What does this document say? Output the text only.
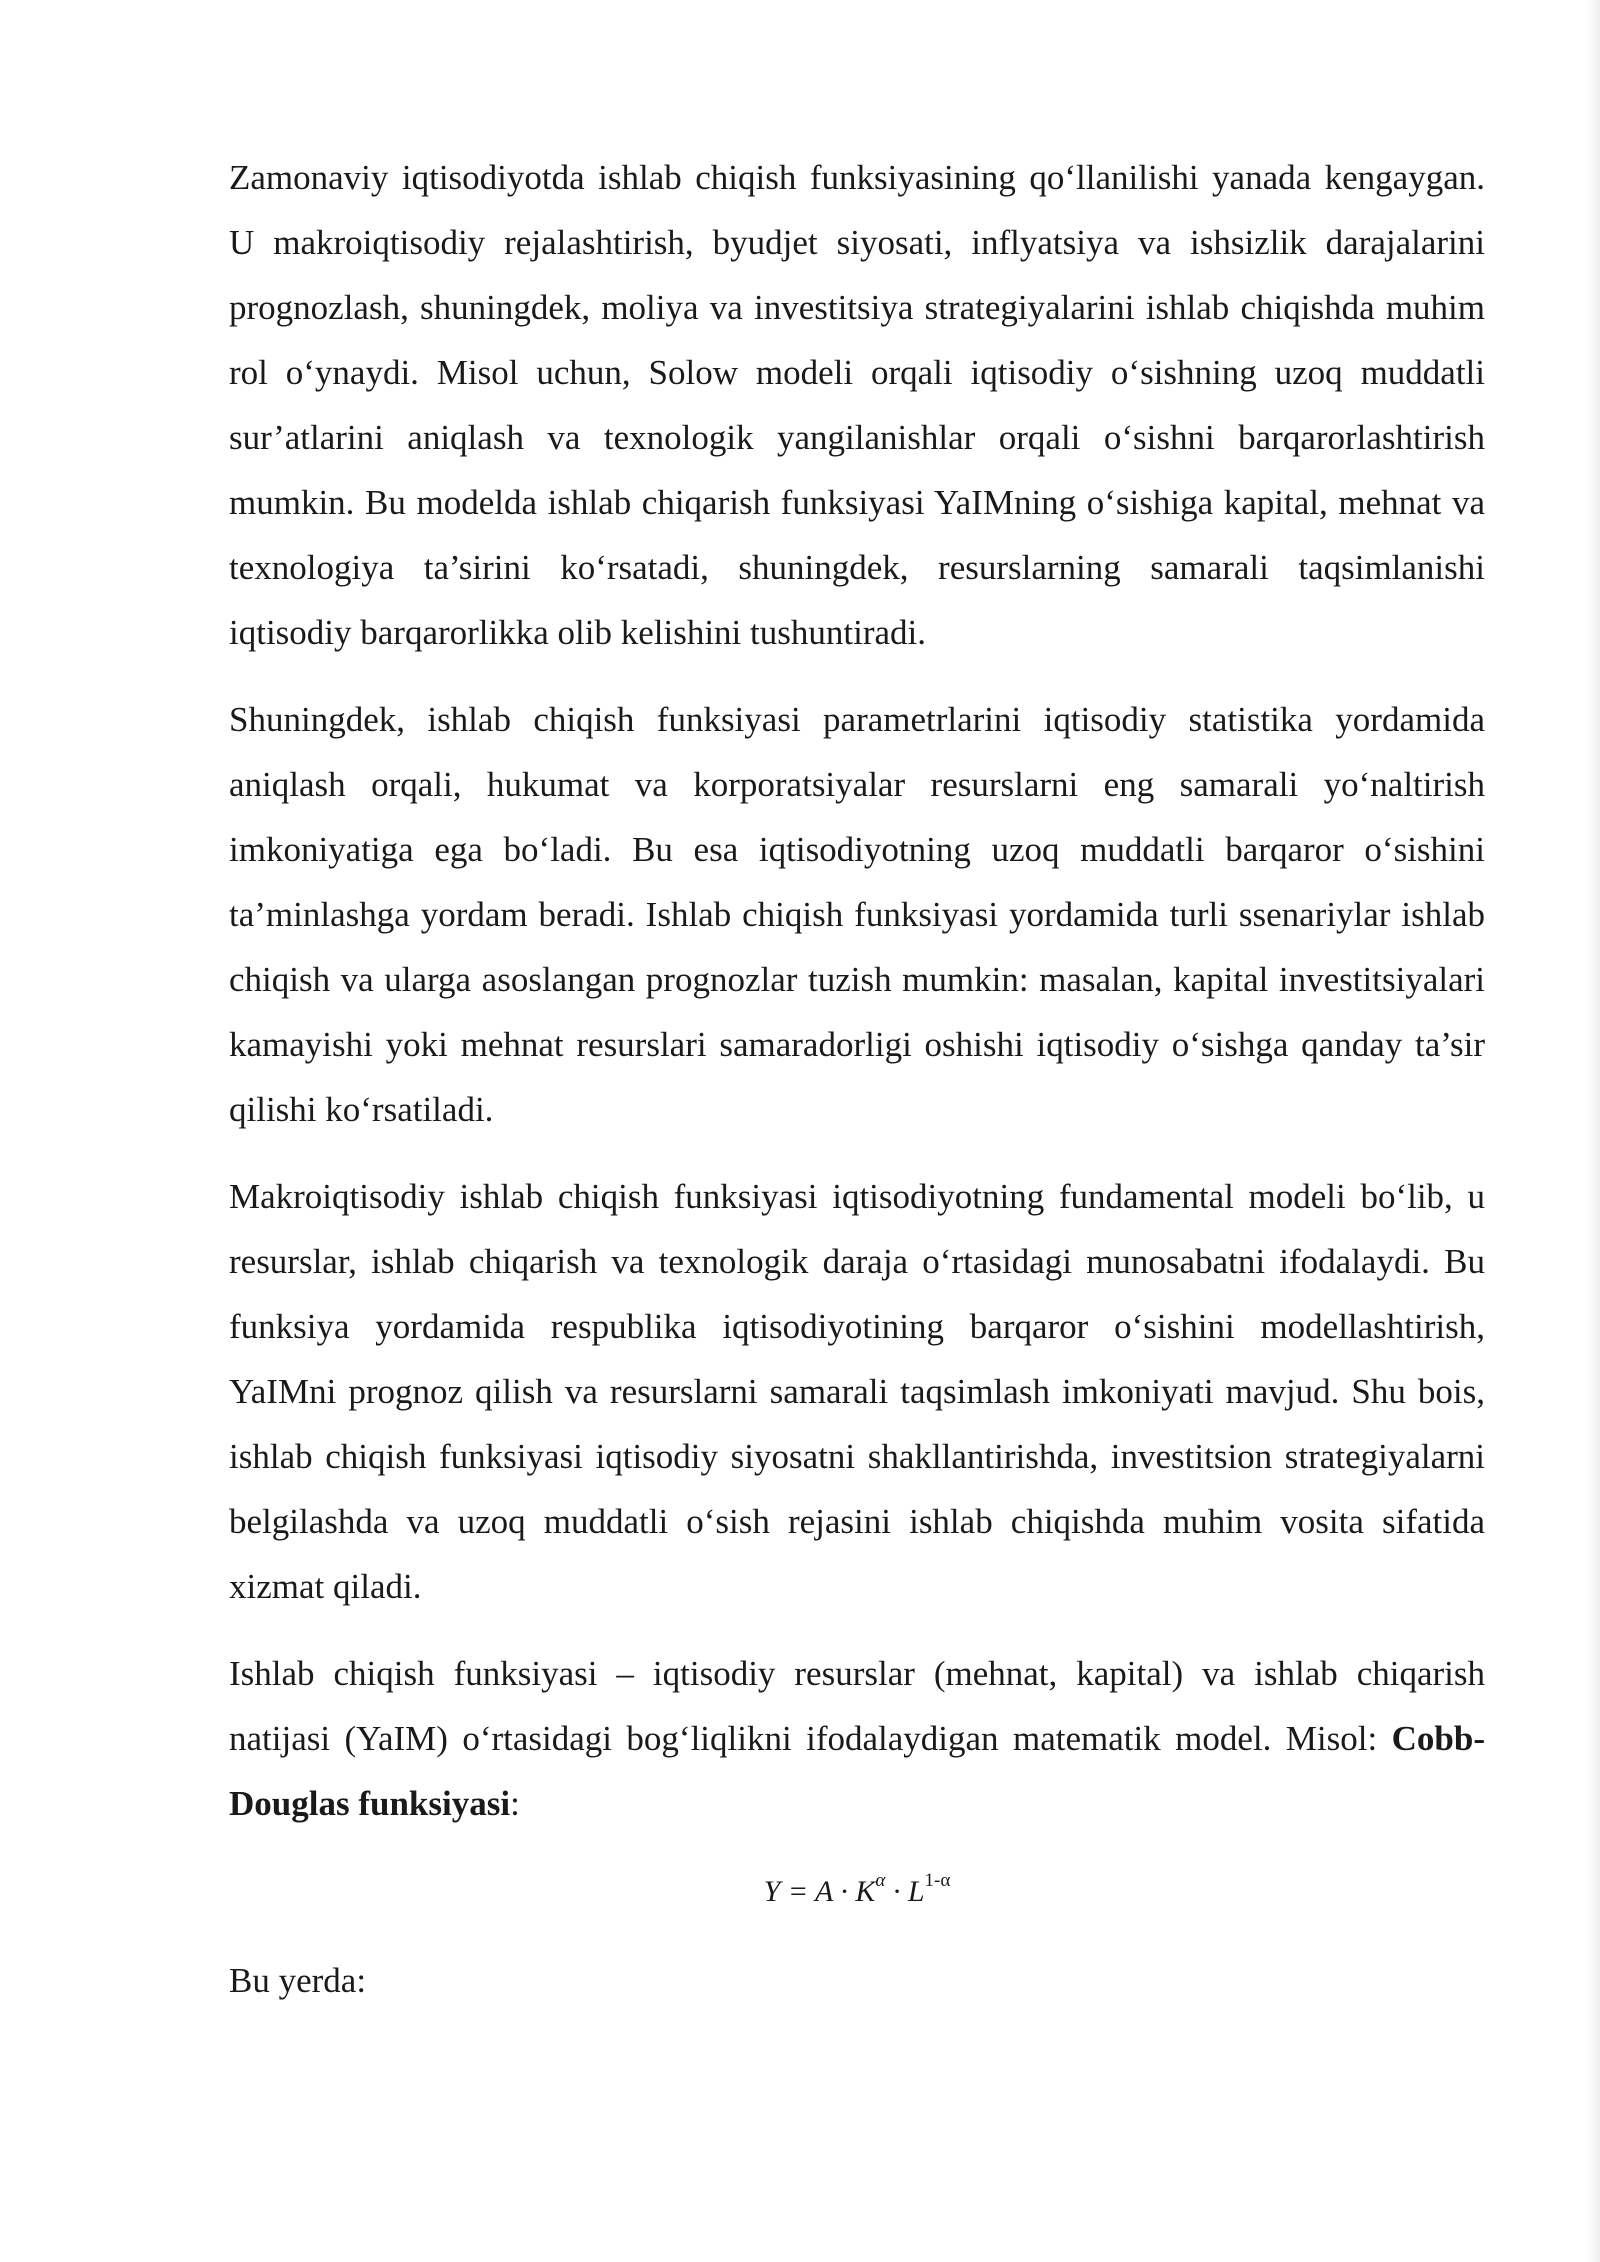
Zamonaviy iqtisodiyotda ishlab chiqish funksiyasining qo‘llanilishi yanada kengaygan. U makroiqtisodiy rejalashtirish, byudjet siyosati, inflyatsiya va ishsizlik darajalarini prognozlash, shuningdek, moliya va investitsiya strategiyalarini ishlab chiqishda muhim rol o‘ynaydi. Misol uchun, Solow modeli orqali iqtisodiy o‘sishning uzoq muddatli sur’atlarini aniqlash va texnologik yangilanishlar orqali o‘sishni barqarorlashtirish mumkin. Bu modelda ishlab chiqarish funksiyasi YaIMning o‘sishiga kapital, mehnat va texnologiya ta’sirini ko‘rsatadi, shuningdek, resurslarning samarali taqsimlanishi iqtisodiy barqarorlikka olib kelishini tushuntiradi.

Shuningdek, ishlab chiqish funksiyasi parametrlarini iqtisodiy statistika yordamida aniqlash orqali, hukumat va korporatsiyalar resurslarni eng samarali yo‘naltirish imkoniyatiga ega bo‘ladi. Bu esa iqtisodiyotning uzoq muddatli barqaror o‘sishini ta’minlashga yordam beradi. Ishlab chiqish funksiyasi yordamida turli ssenariylar ishlab chiqish va ularga asoslangan prognozlar tuzish mumkin: masalan, kapital investitsiyalari kamayishi yoki mehnat resurslari samaradorligi oshishi iqtisodiy o‘sishga qanday ta’sir qilishi ko‘rsatiladi.

Makroiqtisodiy ishlab chiqish funksiyasi iqtisodiyotning fundamental modeli bo‘lib, u resurslar, ishlab chiqarish va texnologik daraja o‘rtasidagi munosabatni ifodalaydi. Bu funksiya yordamida respublika iqtisodiyotining barqaror o‘sishini modellashtirish, YaIMni prognoz qilish va resurslarni samarali taqsimlash imkoniyati mavjud. Shu bois, ishlab chiqish funksiyasi iqtisodiy siyosatni shakllantirishda, investitsion strategiyalarni belgilashda va uzoq muddatli o‘sish rejasini ishlab chiqishda muhim vosita sifatida xizmat qiladi.

Ishlab chiqish funksiyasi – iqtisodiy resurslar (mehnat, kapital) va ishlab chiqarish natijasi (YaIM) o‘rtasidagi bog‘liqlikni ifodalaydigan matematik model. Misol: Cobb-Douglas funksiyasi:

$Y = A \cdot K^\alpha \cdot L^{1-\alpha}$

Bu yerda:
